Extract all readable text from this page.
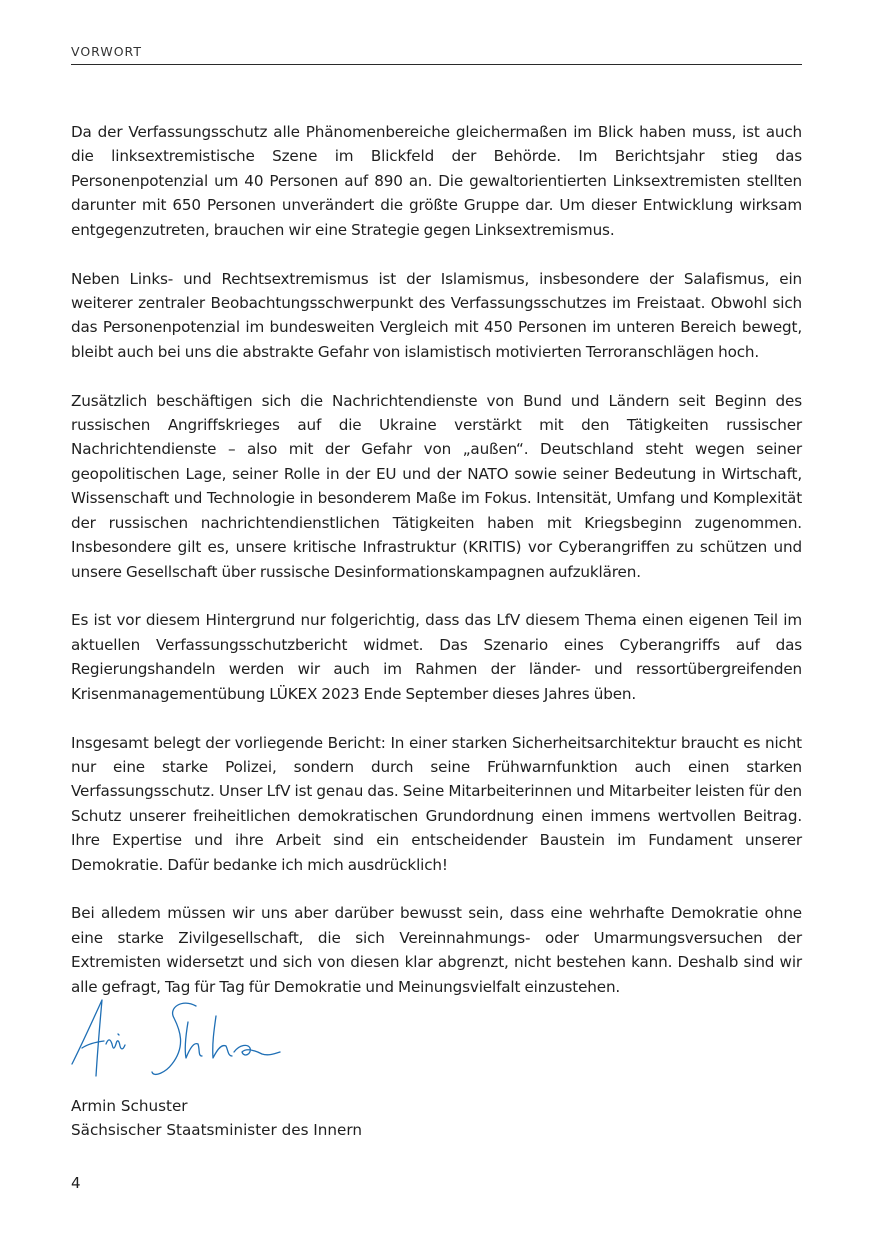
VORWORT

Da der Verfassungsschutz alle Phänomenbereiche gleichermaßen im Blick haben muss, ist auch die linksextremistische Szene im Blickfeld der Behörde. Im Berichtsjahr stieg das Personenpotenzial um 40 Personen auf 890 an. Die gewaltorientierten Linksextremisten stellten darunter mit 650 Personen unverändert die größte Gruppe dar. Um dieser Entwicklung wirksam entgegenzutreten, brauchen wir eine Strategie gegen Linksextremismus.

Neben Links- und Rechtsextremismus ist der Islamismus, insbesondere der Salafismus, ein weiterer zentraler Beobachtungsschwerpunkt des Verfassungsschutzes im Freistaat. Obwohl sich das Personenpotenzial im bundesweiten Vergleich mit 450 Personen im unteren Bereich bewegt, bleibt auch bei uns die abstrakte Gefahr von islamistisch motivierten Terroranschlägen hoch.

Zusätzlich beschäftigen sich die Nachrichtendienste von Bund und Ländern seit Beginn des russischen Angriffskrieges auf die Ukraine verstärkt mit den Tätigkeiten russischer Nachrichtendienste – also mit der Gefahr von „außen“. Deutschland steht wegen seiner geopolitischen Lage, seiner Rolle in der EU und der NATO sowie seiner Bedeutung in Wirtschaft, Wissenschaft und Technologie in besonderem Maße im Fokus. Intensität, Umfang und Komplexität der russischen nachrichtendienstlichen Tätigkeiten haben mit Kriegsbeginn zugenommen. Insbesondere gilt es, unsere kritische Infrastruktur (KRITIS) vor Cyberangriffen zu schützen und unsere Gesellschaft über russische Desinformationskampagnen aufzuklären.

Es ist vor diesem Hintergrund nur folgerichtig, dass das LfV diesem Thema einen eigenen Teil im aktuellen Verfassungsschutzbericht widmet. Das Szenario eines Cyberangriffs auf das Regierungshandeln werden wir auch im Rahmen der länder- und ressortübergreifenden Krisenmanagementübung LÜKEX 2023 Ende September dieses Jahres üben.

Insgesamt belegt der vorliegende Bericht: In einer starken Sicherheitsarchitektur braucht es nicht nur eine starke Polizei, sondern durch seine Frühwarnfunktion auch einen starken Verfassungsschutz. Unser LfV ist genau das. Seine Mitarbeiterinnen und Mitarbeiter leisten für den Schutz unserer freiheitlichen demokratischen Grundordnung einen immens wertvollen Beitrag. Ihre Expertise und ihre Arbeit sind ein entscheidender Baustein im Fundament unserer Demokratie. Dafür bedanke ich mich ausdrücklich!

Bei alledem müssen wir uns aber darüber bewusst sein, dass eine wehrhafte Demokratie ohne eine starke Zivilgesellschaft, die sich Vereinnahmungs- oder Umarmungsversuchen der Extremisten widersetzt und sich von diesen klar abgrenzt, nicht bestehen kann. Deshalb sind wir alle gefragt, Tag für Tag für Demokratie und Meinungsvielfalt einzustehen.

Armin Schuster
Sächsischer Staatsminister des Innern
4
